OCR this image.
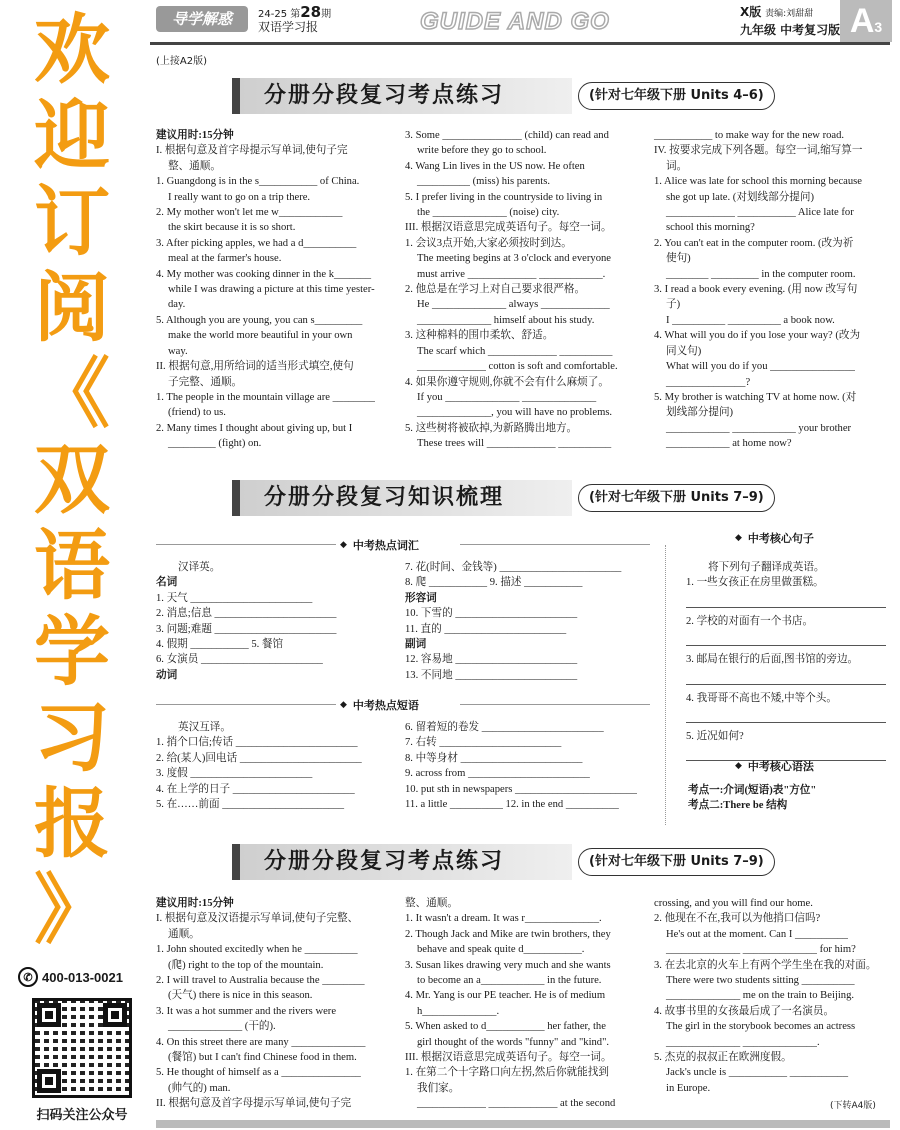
欢
迎
订
阅
《
双
语
学
习
报
》
✆ 400-013-0021
扫码关注公众号
导学解惑	24-25 第28期
双语学习报	GUIDE AND GO	X版 责编:刘甜甜
九年级 中考复习版 A3
(上接A2版)
分册分段复习考点练习	(针对七年级下册 Units 4–6)

建议用时:15分钟

I. 根据句意及首字母提示写单词,使句子完

整、通顺。

1. Guangdong is in the s___________ of China.

I really want to go on a trip there.

2. My mother won't let me w____________

the skirt because it is so short.

3. After picking apples, we had a d__________

meal at the farmer's house.

4. My mother was cooking dinner in the k_______

while I was drawing a picture at this time yester-

day.

5. Although you are young, you can s_________

make the world more beautiful in your own

way.

II. 根据句意,用所给词的适当形式填空,使句

子完整、通顺。

1. The people in the mountain village are ________

(friend) to us.

2. Many times I thought about giving up, but I

_________ (fight) on.

3. Some _______________ (child) can read and

write before they go to school.

4. Wang Lin lives in the US now. He often

__________ (miss) his parents.

5. I prefer living in the countryside to living in

the ______________ (noise) city.

III. 根据汉语意思完成英语句子。每空一词。

1. 会议3点开始,大家必须按时到达。

The meeting begins at 3 o'clock and everyone

must arrive _____________ ____________.

2. 他总是在学习上对自己要求很严格。

He ______________ always _____________

______________ himself about his study.

3. 这种棉料的围巾柔软、舒适。

The scarf which _____________ __________

_____________ cotton is soft and comfortable.

4. 如果你遵守规则,你就不会有什么麻烦了。

If you ______________ ______________

______________, you will have no problems.

5. 这些树将被砍掉,为新路腾出地方。

These trees will _____________ __________

___________ to make way for the new road.

IV. 按要求完成下列各题。每空一词,缩写算一

词。

1. Alice was late for school this morning because

she got up late. (对划线部分提问)

_____________ ___________ Alice late for

school this morning?

2. You can't eat in the computer room. (改为祈

使句)

________ _________ in the computer room.

3. I read a book every evening. (用 now 改写句

子)

I __________ __________ a book now.

4. What will you do if you lose your way? (改为

同义句)

What will you do if you ________________

_______________?

5. My brother is watching TV at home now. (对

划线部分提问)

____________ ____________ your brother

____________ at home now?

分册分段复习知识梳理	(针对七年级下册 Units 7–9)
◆ 中考热点词汇

汉译英。

名词

1. 天气 _______________________

2. 消息;信息 _______________________

3. 问题;难题 _______________________

4. 假期 ___________ 5. 餐馆

6. 女演员 _______________________

动词

7. 花(时间、金钱等) _______________________

8. 爬 ___________ 9. 描述 ___________

形容词

10. 下雪的 _______________________

11. 直的 _______________________

副词

12. 容易地 _______________________

13. 不同地 _______________________

◆ 中考热点短语

英汉互译。

1. 捎个口信;传话 _______________________

2. 给(某人)回电话 _______________________

3. 度假 _______________________

4. 在上学的日子 _______________________

5. 在……前面 _______________________

6. 留着短的卷发 _______________________

7. 右转 _______________________

8. 中等身材 _______________________

9. across from _______________________

10. put sth in newspapers _______________________

11. a little __________ 12. in the end __________

◆ 中考核心句子

将下列句子翻译成英语。

1. 一些女孩正在房里做蛋糕。

2. 学校的对面有一个书店。

3. 邮局在银行的后面,图书馆的旁边。

4. 我哥哥不高也不矮,中等个头。

5. 近况如何?

◆ 中考核心语法

考点一:介词(短语)表"方位"

考点二:There be 结构

分册分段复习考点练习	(针对七年级下册 Units 7–9)

建议用时:15分钟

I. 根据句意及汉语提示写单词,使句子完整、

通顺。

1. John shouted excitedly when he __________

(爬) right to the top of the mountain.

2. I will travel to Australia because the ________

(天气) there is nice in this season.

3. It was a hot summer and the rivers were

______________ (干的).

4. On this street there are many ______________

(餐馆) but I can't find Chinese food in them.

5. He thought of himself as a _______________

(帅气的) man.

II. 根据句意及首字母提示写单词,使句子完

整、通顺。

1. It wasn't a dream. It was r______________.

2. Though Jack and Mike are twin brothers, they

behave and speak quite d___________.

3. Susan likes drawing very much and she wants

to become an a____________ in the future.

4. Mr. Yang is our PE teacher. He is of medium

h______________.

5. When asked to d___________ her father, the

girl thought of the words "funny" and "kind".

III. 根据汉语意思完成英语句子。每空一词。

1. 在第二个十字路口向左拐,然后你就能找到

我们家。

_____________ _____________ at the second

crossing, and you will find our home.

2. 他现在不在,我可以为他捎口信吗?

He's out at the moment. Can I __________

______________ ______________ for him?

3. 在去北京的火车上有两个学生坐在我的对面。

There were two students sitting __________

______________ me on the train to Beijing.

4. 故事书里的女孩最后成了一名演员。

The girl in the storybook becomes an actress

______________ ______________.

5. 杰克的叔叔正在欧洲度假。

Jack's uncle is ___________ ___________

in Europe.

(下转A4版)
